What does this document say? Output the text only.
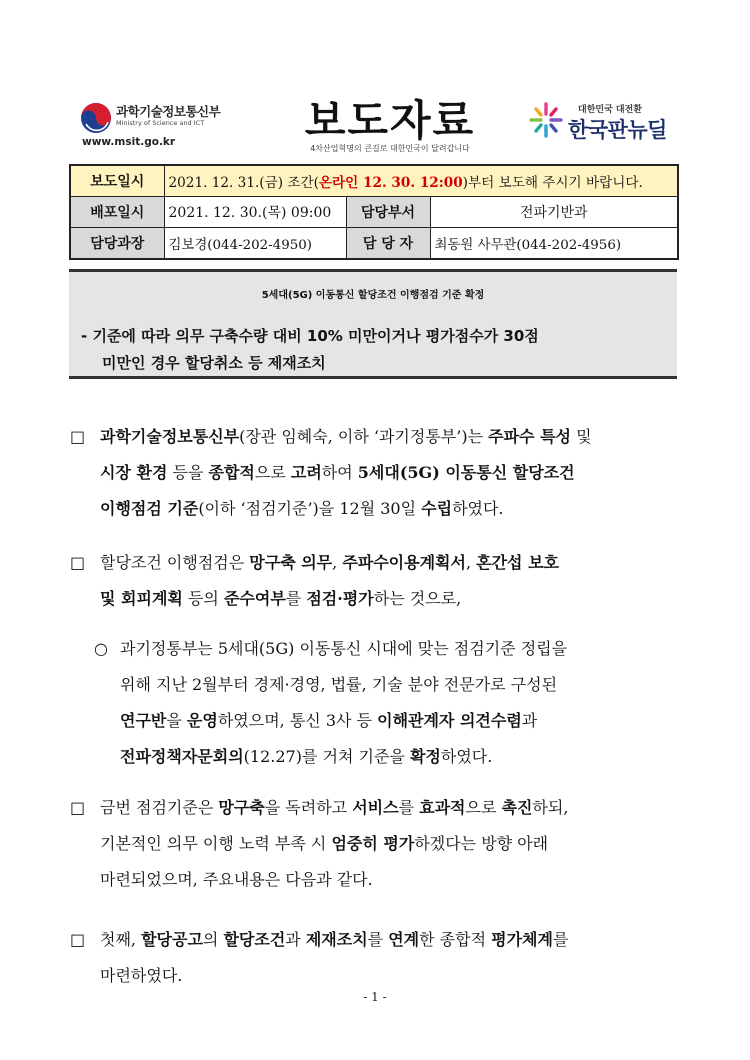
과학기술정보통신부
Ministry of Science and ICT
www.msit.go.kr	보도자료
4차산업혁명의 큰길로 대한민국이 달려갑니다
대한민국 대전환
한국판뉴딜
보도일시	2021. 12. 31.(금) 조간(온라인 12. 30. 12:00)부터 보도해 주시기 바랍니다.		
배포일시	2021. 12. 30.(목) 09:00	담당부서	전파기반과
담당과장	김보경(044-202-4950)	담 당 자	최동원 사무관(044-202-4956)
5세대(5G) 이동통신 할당조건 이행점검 기준 확정
- 기준에 따라 의무 구축수량 대비 10% 미만이거나 평가점수가 30점
미만인 경우 할당취소 등 제재조치
□ 과학기술정보통신부(장관 임혜숙, 이하 ‘과기정통부’)는 주파수 특성 및
시장 환경 등을 종합적으로 고려하여 5세대(5G) 이동통신 할당조건
이행점검 기준(이하 ‘점검기준’)을 12월 30일 수립하였다.
□ 할당조건 이행점검은 망구축 의무, 주파수이용계획서, 혼간섭 보호
및 회피계획 등의 준수여부를 점검·평가하는 것으로,
○ 과기정통부는 5세대(5G) 이동통신 시대에 맞는 점검기준 정립을
위해 지난 2월부터 경제·경영, 법률, 기술 분야 전문가로 구성된
연구반을 운영하였으며, 통신 3사 등 이해관계자 의견수렴과
전파정책자문회의(12.27)를 거쳐 기준을 확정하였다.
□ 금번 점검기준은 망구축을 독려하고 서비스를 효과적으로 촉진하되,
기본적인 의무 이행 노력 부족 시 엄중히 평가하겠다는 방향 아래
마련되었으며, 주요내용은 다음과 같다.
□ 첫째, 할당공고의 할당조건과 제재조치를 연계한 종합적 평가체계를
마련하였다.
- 1 -
